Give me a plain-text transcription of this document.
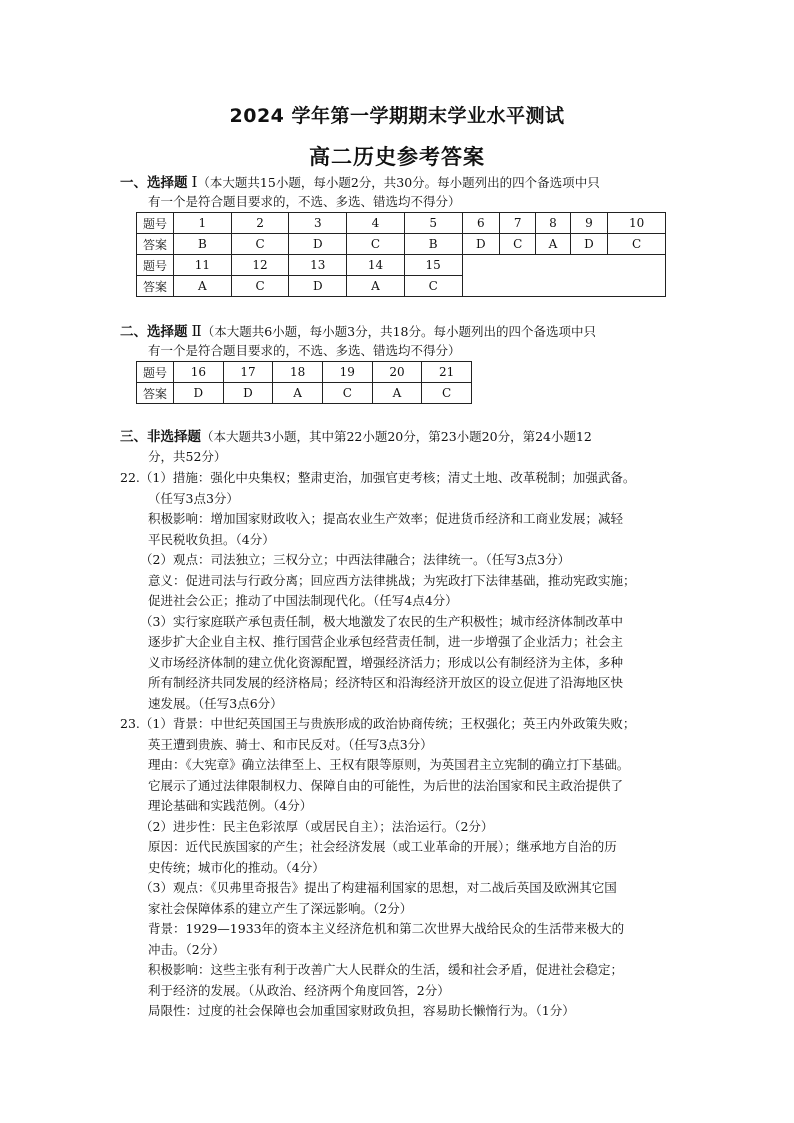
2024 学年第一学期期末学业水平测试
高二历史参考答案
一、选择题 Ⅰ（本大题共15小题，每小题2分，共30分。每小题列出的四个备选项中只
有一个是符合题目要求的，不选、多选、错选均不得分）
题号	1	2	3	4	5	6	7	8	9	10
答案	B	C	D	C	B	D	C	A	D	C
题号	11	12	13	14	15					
答案	A	C	D	A	C					
二、选择题 Ⅱ（本大题共6小题，每小题3分，共18分。每小题列出的四个备选项中只
有一个是符合题目要求的，不选、多选、错选均不得分）
题号	16	17	18	19	20	21
答案	D	D	A	C	A	C
三、非选择题（本大题共3小题，其中第22小题20分，第23小题20分，第24小题12
分，共52分）

22.（1）措施：强化中央集权；整肃吏治，加强官吏考核；清丈土地、改革税制；加强武备。

（任写3点3分）

积极影响：增加国家财政收入；提高农业生产效率；促进货币经济和工商业发展；减轻

平民税收负担。（4分）

（2）观点：司法独立；三权分立；中西法律融合；法律统一。（任写3点3分）

意义：促进司法与行政分离；回应西方法律挑战；为宪政打下法律基础，推动宪政实施；

促进社会公正；推动了中国法制现代化。（任写4点4分）

（3）实行家庭联产承包责任制，极大地激发了农民的生产积极性；城市经济体制改革中

逐步扩大企业自主权、推行国营企业承包经营责任制，进一步增强了企业活力；社会主

义市场经济体制的建立优化资源配置，增强经济活力；形成以公有制经济为主体，多种

所有制经济共同发展的经济格局；经济特区和沿海经济开放区的设立促进了沿海地区快

速发展。（任写3点6分）

23.（1）背景：中世纪英国国王与贵族形成的政治协商传统；王权强化；英王内外政策失败；

英王遭到贵族、骑士、和市民反对。（任写3点3分）

理由：《大宪章》确立法律至上、王权有限等原则，为英国君主立宪制的确立打下基础。

它展示了通过法律限制权力、保障自由的可能性，为后世的法治国家和民主政治提供了

理论基础和实践范例。（4分）

（2）进步性：民主色彩浓厚（或居民自主）；法治运行。（2分）

原因：近代民族国家的产生；社会经济发展（或工业革命的开展）；继承地方自治的历

史传统；城市化的推动。（4分）

（3）观点：《贝弗里奇报告》提出了构建福利国家的思想，对二战后英国及欧洲其它国

家社会保障体系的建立产生了深远影响。（2分）

背景：1929—1933年的资本主义经济危机和第二次世界大战给民众的生活带来极大的

冲击。（2分）

积极影响：这些主张有利于改善广大人民群众的生活，缓和社会矛盾，促进社会稳定；

利于经济的发展。（从政治、经济两个角度回答，2分）

局限性：过度的社会保障也会加重国家财政负担，容易助长懒惰行为。（1分）
